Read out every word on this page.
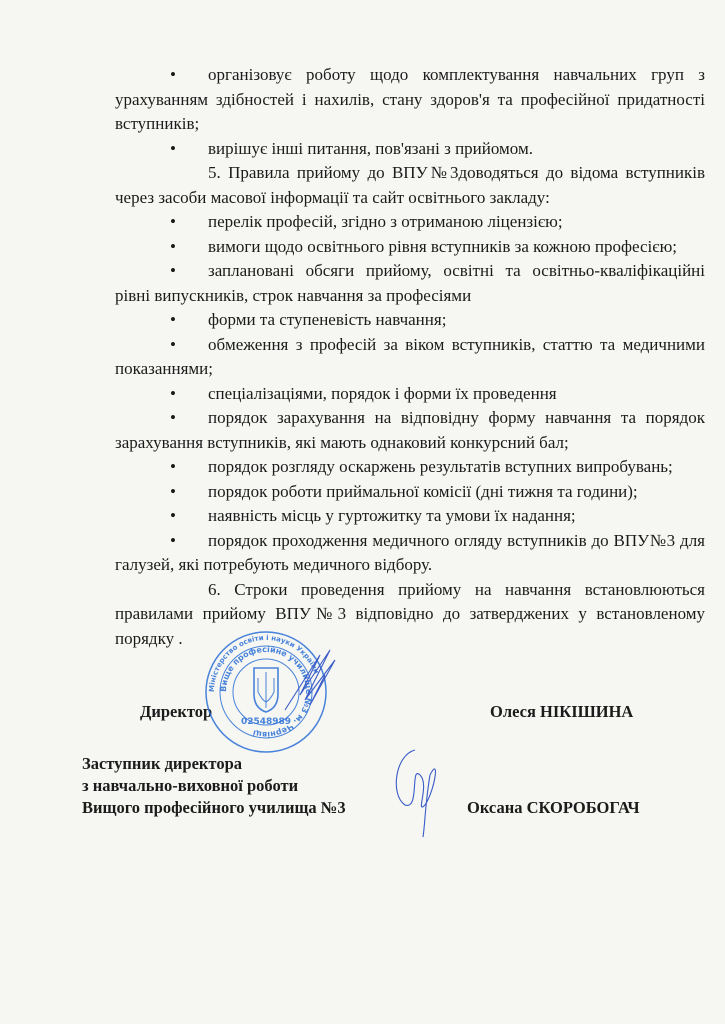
• організовує роботу щодо комплектування навчальних груп з урахуванням здібностей і нахилів, стану здоров'я та професійної придатності вступників;

• вирішує інші питання, пов'язані з прийомом.

5. Правила прийому до ВПУ№3доводяться до відома вступників через засоби масової інформації та сайт освітнього закладу:

• перелік професій, згідно з отриманою ліцензією;

• вимоги щодо освітнього рівня вступників за кожною професією;

• заплановані обсяги прийому, освітні та освітньо-кваліфікаційні рівні випускників, строк навчання за професіями

• форми та ступеневість навчання;

• обмеження з професій за віком вступників, статтю та медичними показаннями;

• спеціалізаціями, порядок і форми їх проведення

• порядок зарахування на відповідну форму навчання та порядок зарахування вступників, які мають однаковий конкурсний бал;

• порядок розгляду оскаржень результатів вступних випробувань;

• порядок роботи приймальної комісії (дні тижня та години);

• наявність місць у гуртожитку та умови їх надання;

• порядок проходження медичного огляду вступників до ВПУ№3 для галузей, які потребують медичного відбору.

6. Строки проведення прийому на навчання встановлюються правилами прийому ВПУ№3 відповідно до затверджених у встановленому порядку .

Директор	Олеся НІКІШИНА
Заступник директора
з навчально-виховної роботи
Вищого професійного училища №3	Оксана СКОРОБОГАЧ
Міністерство освіти і науки України
Вище професійне училище №3 м. Чернівці
02548989
